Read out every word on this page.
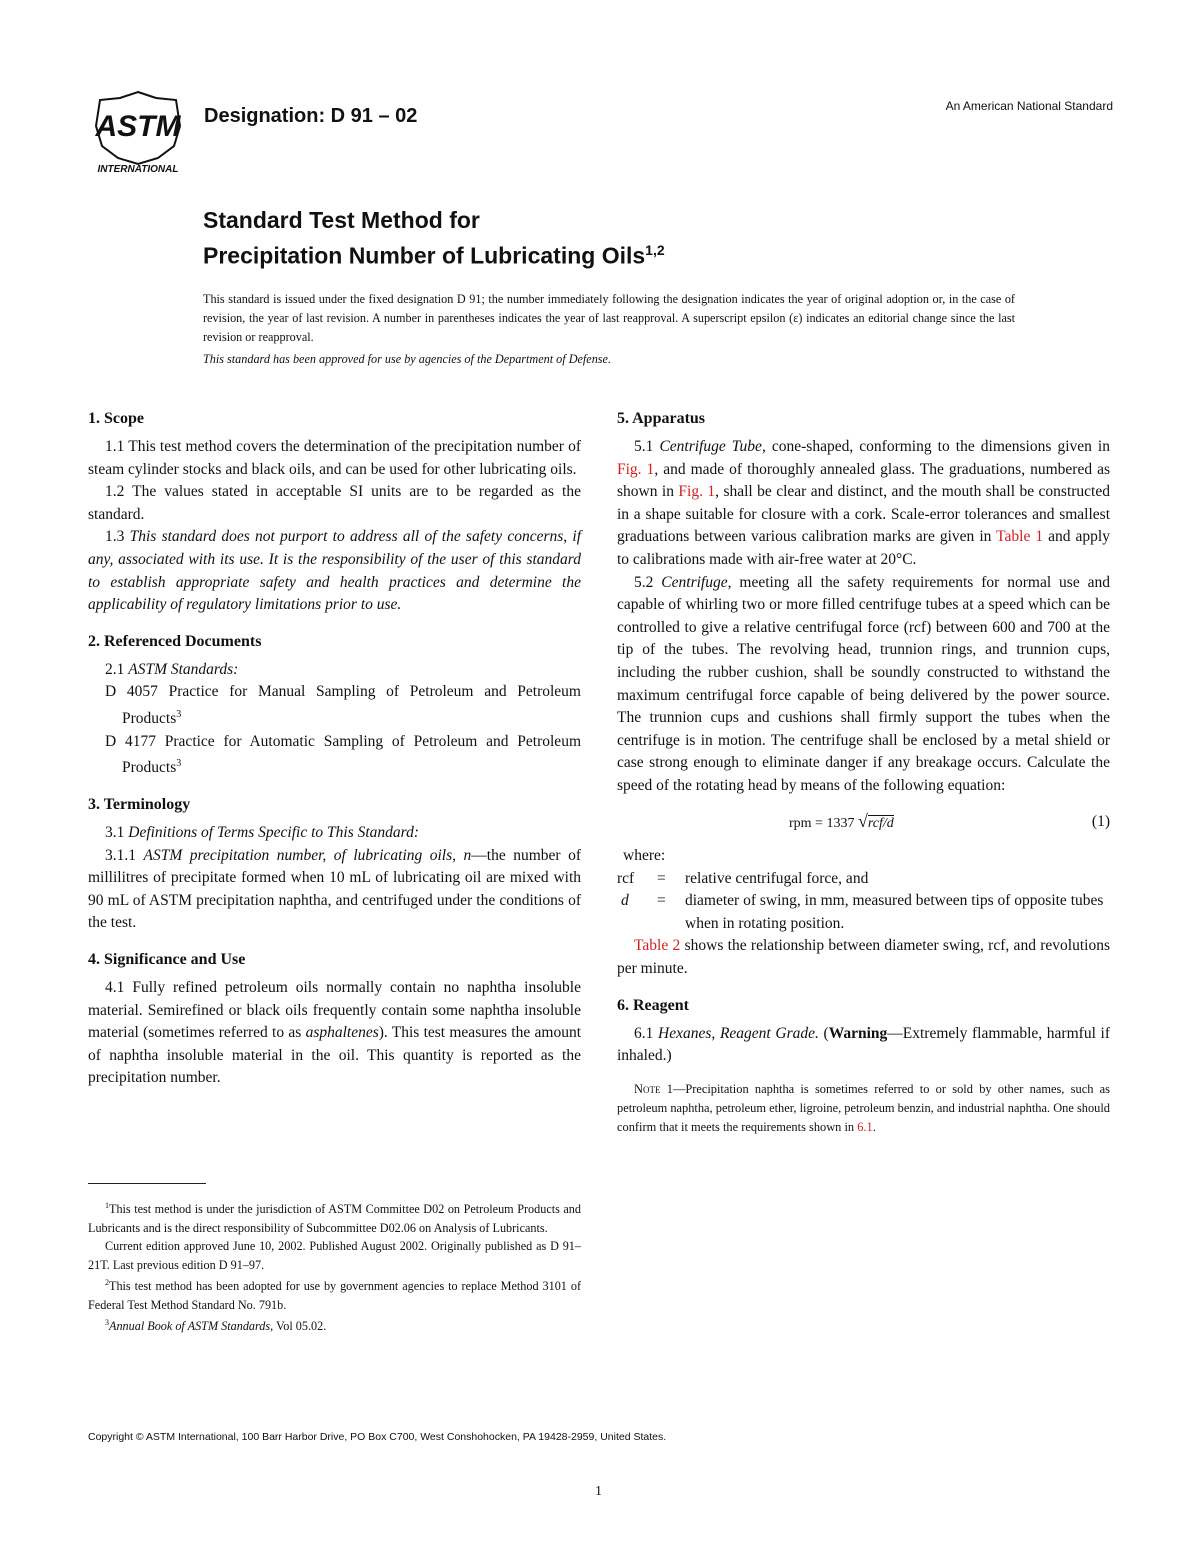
ASTM
INTERNATIONAL
Designation: D 91 – 02	An American National Standard
Standard Test Method for
Precipitation Number of Lubricating Oils$^{1,2}$
This standard is issued under the fixed designation D 91; the number immediately following the designation indicates the year of original adoption or, in the case of revision, the year of last revision. A number in parentheses indicates the year of last reapproval. A superscript epsilon (ε) indicates an editorial change since the last revision or reapproval.
This standard has been approved for use by agencies of the Department of Defense.
1. Scope

1.1 This test method covers the determination of the precipitation number of steam cylinder stocks and black oils, and can be used for other lubricating oils.

1.2 The values stated in acceptable SI units are to be regarded as the standard.

1.3 This standard does not purport to address all of the safety concerns, if any, associated with its use. It is the responsibility of the user of this standard to establish appropriate safety and health practices and determine the applicability of regulatory limitations prior to use.

2. Referenced Documents

2.1 ASTM Standards:

D 4057 Practice for Manual Sampling of Petroleum and Petroleum Products$^3$

D 4177 Practice for Automatic Sampling of Petroleum and Petroleum Products$^3$

3. Terminology

3.1 Definitions of Terms Specific to This Standard:

3.1.1 ASTM precipitation number, of lubricating oils, n—the number of millilitres of precipitate formed when 10 mL of lubricating oil are mixed with 90 mL of ASTM precipitation naphtha, and centrifuged under the conditions of the test.

4. Significance and Use

4.1 Fully refined petroleum oils normally contain no naphtha insoluble material. Semirefined or black oils frequently contain some naphtha insoluble material (sometimes referred to as asphaltenes). This test measures the amount of naphtha insoluble material in the oil. This quantity is reported as the precipitation number.

$^1$This test method is under the jurisdiction of ASTM Committee D02 on Petroleum Products and Lubricants and is the direct responsibility of Subcommittee D02.06 on Analysis of Lubricants.

Current edition approved June 10, 2002. Published August 2002. Originally published as D 91–21T. Last previous edition D 91–97.

$^2$This test method has been adopted for use by government agencies to replace Method 3101 of Federal Test Method Standard No. 791b.

$^3$Annual Book of ASTM Standards, Vol 05.02.

5. Apparatus

5.1 Centrifuge Tube, cone-shaped, conforming to the dimensions given in Fig. 1, and made of thoroughly annealed glass. The graduations, numbered as shown in Fig. 1, shall be clear and distinct, and the mouth shall be constructed in a shape suitable for closure with a cork. Scale-error tolerances and smallest graduations between various calibration marks are given in Table 1 and apply to calibrations made with air-free water at 20°C.

5.2 Centrifuge, meeting all the safety requirements for normal use and capable of whirling two or more filled centrifuge tubes at a speed which can be controlled to give a relative centrifugal force (rcf) between 600 and 700 at the tip of the tubes. The revolving head, trunnion rings, and trunnion cups, including the rubber cushion, shall be soundly constructed to withstand the maximum centrifugal force capable of being delivered by the power source. The trunnion cups and cushions shall firmly support the tubes when the centrifuge is in motion. The centrifuge shall be enclosed by a metal shield or case strong enough to eliminate danger if any breakage occurs. Calculate the speed of the rotating head by means of the following equation:

rpm = 1337 √rcf/d	(1)

where:

rcf	=	relative centrifugal force, and
d	=	diameter of swing, in mm, measured between tips of opposite tubes when in rotating position.

Table 2 shows the relationship between diameter swing, rcf, and revolutions per minute.

6. Reagent

6.1 Hexanes, Reagent Grade. (Warning—Extremely flammable, harmful if inhaled.)

Note 1—Precipitation naphtha is sometimes referred to or sold by other names, such as petroleum naphtha, petroleum ether, ligroine, petroleum benzin, and industrial naphtha. One should confirm that it meets the requirements shown in 6.1.
Copyright © ASTM International, 100 Barr Harbor Drive, PO Box C700, West Conshohocken, PA 19428-2959, United States.
1
